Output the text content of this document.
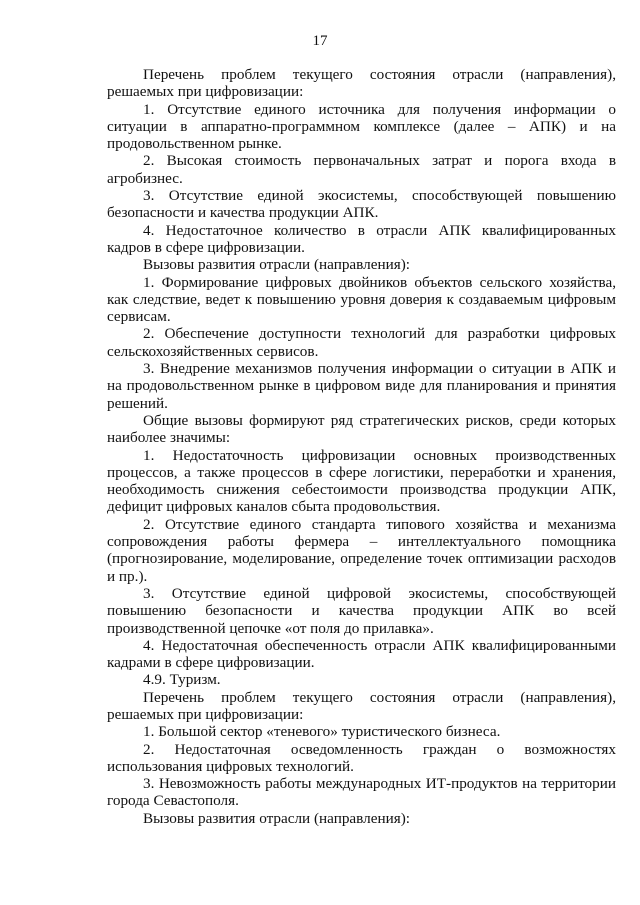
17

Перечень проблем текущего состояния отрасли (направления), решаемых при цифровизации:

1. Отсутствие единого источника для получения информации о ситуации в аппаратно-программном комплексе (далее – АПК) и на продовольственном рынке.

2. Высокая стоимость первоначальных затрат и порога входа в агробизнес.

3. Отсутствие единой экосистемы, способствующей повышению безопасности и качества продукции АПК.

4. Недостаточное количество в отрасли АПК квалифицированных кадров в сфере цифровизации.

Вызовы развития отрасли (направления):

1. Формирование цифровых двойников объектов сельского хозяйства, как следствие, ведет к повышению уровня доверия к создаваемым цифровым сервисам.

2. Обеспечение доступности технологий для разработки цифровых сельскохозяйственных сервисов.

3. Внедрение механизмов получения информации о ситуации в АПК и на продовольственном рынке в цифровом виде для планирования и принятия решений.

Общие вызовы формируют ряд стратегических рисков, среди которых наиболее значимы:

1. Недостаточность цифровизации основных производственных процессов, а также процессов в сфере логистики, переработки и хранения, необходимость снижения себестоимости производства продукции АПК, дефицит цифровых каналов сбыта продовольствия.

2. Отсутствие единого стандарта типового хозяйства и механизма сопровождения работы фермера – интеллектуального помощника (прогнозирование, моделирование, определение точек оптимизации расходов и пр.).

3. Отсутствие единой цифровой экосистемы, способствующей повышению безопасности и качества продукции АПК во всей производственной цепочке «от поля до прилавка».

4. Недостаточная обеспеченность отрасли АПК квалифицированными кадрами в сфере цифровизации.

4.9. Туризм.

Перечень проблем текущего состояния отрасли (направления), решаемых при цифровизации:

1. Большой сектор «теневого» туристического бизнеса.

2. Недостаточная осведомленность граждан о возможностях использования цифровых технологий.

3. Невозможность работы международных ИТ-продуктов на территории города Севастополя.

Вызовы развития отрасли (направления):
